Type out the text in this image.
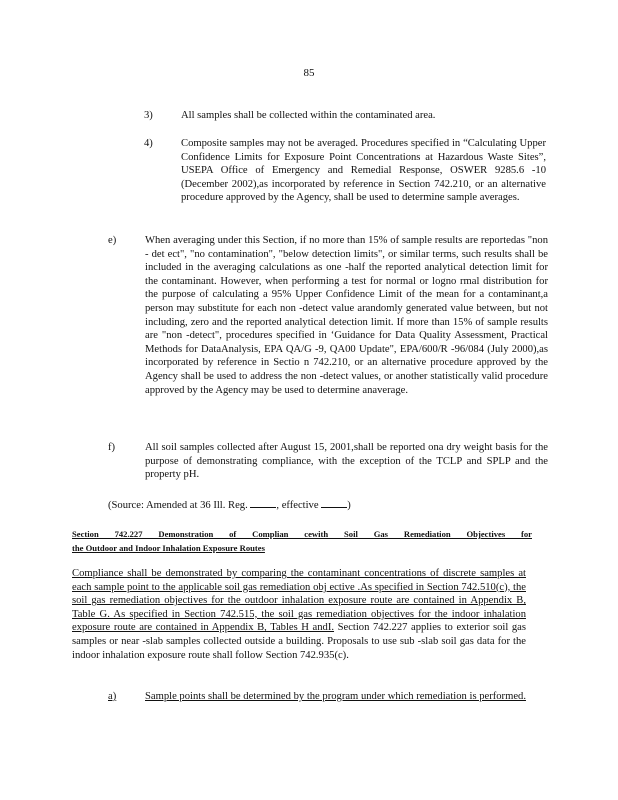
85
3)	All samples shall be collected within the contaminated area.
4)	Composite samples may not be averaged. Procedures specified in “Calculating Upper Confidence Limits for Exposure Point Concentrations at Hazardous Waste Sites”, USEPA Office of Emergency and Remedial Response, OSWER 9285.6 -10 (December 2002),as incorporated by reference in Section 742.210, or an alternative procedure approved by the Agency, shall be used to determine sample averages.
e)	When averaging under this Section, if no more than 15% of sample results are reportedas "non - det ect", "no contamination", "below detection limits", or similar terms, such results shall be included in the averaging calculations as one -half the reported analytical detection limit for the contaminant. However, when performing a test for normal or logno rmal distribution for the purpose of calculating a 95% Upper Confidence Limit of the mean for a contaminant,a person may substitute for each non -detect value arandomly generated value between, but not including, zero and the reported analytical detection limit. If more than 15% of sample results are "non -detect", procedures specified in ‘Guidance for Data Quality Assessment, Practical Methods for DataAnalysis, EPA QA/G -9, QA00 Update", EPA/600/R -96/084 (July 2000),as incorporated by reference in Sectio n 742.210, or an alternative procedure approved by the Agency shall be used to address the non -detect values, or another statistically valid procedure approved by the Agency may be used to determine anaverage.
f)	All soil samples collected after August 15, 2001,shall be reported ona dry weight basis for the purpose of demonstrating compliance, with the exception of the TCLP and SPLP and the property pH.
(Source: Amended at 36 Ill. Reg.	, effective	)
Section 742.227 Demonstration of Complian cewith Soil Gas Remediation Objectives for
the Outdoor and Indoor Inhalation Exposure Routes
Compliance shall be demonstrated by comparing the contaminant concentrations of discrete samples at each sample point to the applicable soil gas remediation obj ective .As specified in Section 742.510(c), the soil gas remediation objectives for the outdoor inhalation exposure route are contained in Appendix B, Table G. As specified in Section 742.515, the soil gas remediation objectives for the indoor inhalation exposure route are contained in Appendix B, Tables H andI. Section 742.227 applies to exterior soil gas samples or near -slab samples collected outside a building. Proposals to use sub -slab soil gas data for the indoor inhalation exposure route shall follow Section 742.935(c).
a)	Sample points shall be determined by the program under which remediation is performed.
